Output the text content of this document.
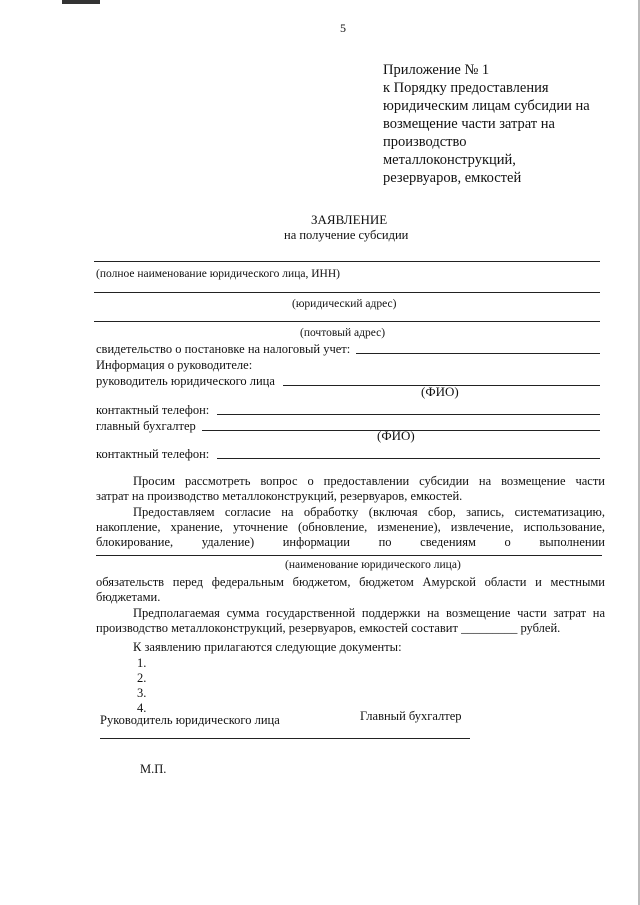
5
Приложение № 1
к Порядку предоставления
юридическим лицам субсидии на
возмещение части затрат на
производство
металлоконструкций,
резервуаров, емкостей
ЗАЯВЛЕНИЕ
на получение субсидии
(полное наименование юридического лица, ИНН)
(юридический адрес)
(почтовый адрес)
свидетельство о постановке на налоговый учет:
Информация о руководителе:
руководитель юридического лица
(ФИО)
контактный телефон:
главный бухгалтер
(ФИО)
контактный телефон:
Просим рассмотреть вопрос о предоставлении субсидии на возмещение части
затрат на производство металлоконструкций, резервуаров, емкостей.
Предоставляем согласие на обработку (включая сбор, запись, систематизацию,
накопление, хранение, уточнение (обновление, изменение), извлечение, использование,
блокирование, удаление) информации по сведениям о выполнении
(наименование юридического лица)
обязательств перед федеральным бюджетом, бюджетом Амурской области и местными
бюджетами.
Предполагаемая сумма государственной поддержки на возмещение части затрат на
производство металлоконструкций, резервуаров, емкостей составит _________ рублей.
К заявлению прилагаются следующие документы:
1.
2.
3.
4.
Руководитель юридического лица	Главный бухгалтер
М.П.
